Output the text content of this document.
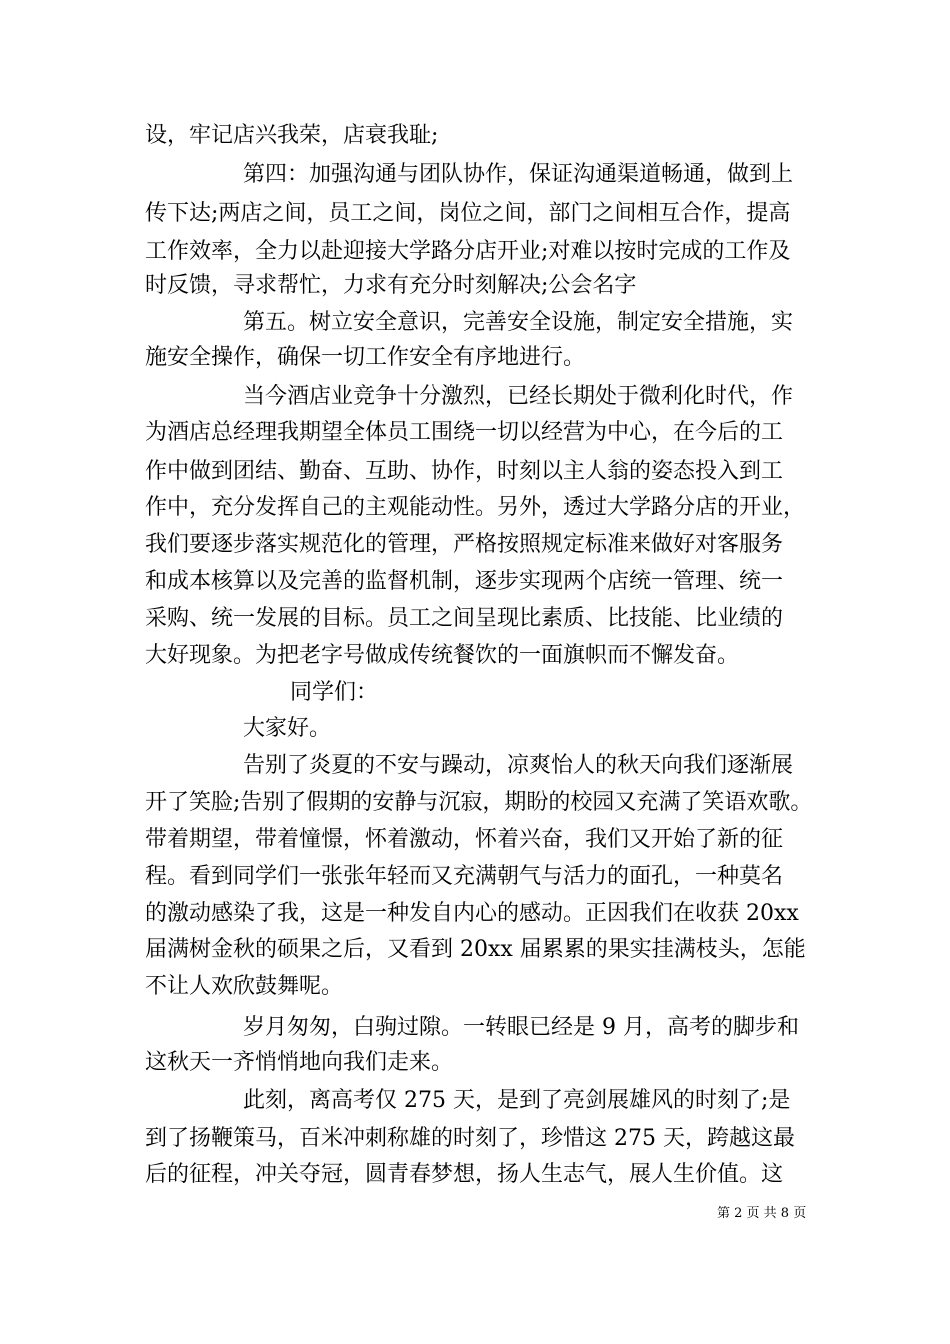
设，牢记店兴我荣，店衰我耻;
第四：加强沟通与团队协作，保证沟通渠道畅通，做到上
传下达;两店之间，员工之间，岗位之间，部门之间相互合作，提高
工作效率，全力以赴迎接大学路分店开业;对难以按时完成的工作及
时反馈，寻求帮忙，力求有充分时刻解决;公会名字
第五。树立安全意识，完善安全设施，制定安全措施，实
施安全操作，确保一切工作安全有序地进行。
当今酒店业竞争十分激烈，已经长期处于微利化时代，作
为酒店总经理我期望全体员工围绕一切以经营为中心，在今后的工
作中做到团结、勤奋、互助、协作，时刻以主人翁的姿态投入到工
作中，充分发挥自己的主观能动性。另外，透过大学路分店的开业，
我们要逐步落实规范化的管理，严格按照规定标准来做好对客服务
和成本核算以及完善的监督机制，逐步实现两个店统一管理、统一
采购、统一发展的目标。员工之间呈现比素质、比技能、比业绩的
大好现象。为把老字号做成传统餐饮的一面旗帜而不懈发奋。
同学们：
大家好。
告别了炎夏的不安与躁动，凉爽怡人的秋天向我们逐渐展
开了笑脸;告别了假期的安静与沉寂，期盼的校园又充满了笑语欢歌。
带着期望，带着憧憬，怀着激动，怀着兴奋，我们又开始了新的征
程。看到同学们一张张年轻而又充满朝气与活力的面孔，一种莫名
的激动感染了我，这是一种发自内心的感动。正因我们在收获 20xx
届满树金秋的硕果之后，又看到 20xx 届累累的果实挂满枝头，怎能
不让人欢欣鼓舞呢。
岁月匆匆，白驹过隙。一转眼已经是 9 月，高考的脚步和
这秋天一齐悄悄地向我们走来。
此刻，离高考仅 275 天，是到了亮剑展雄风的时刻了;是
到了扬鞭策马，百米冲刺称雄的时刻了，珍惜这 275 天，跨越这最
后的征程，冲关夺冠，圆青春梦想，扬人生志气，展人生价值。这
第 2 页 共 8 页
